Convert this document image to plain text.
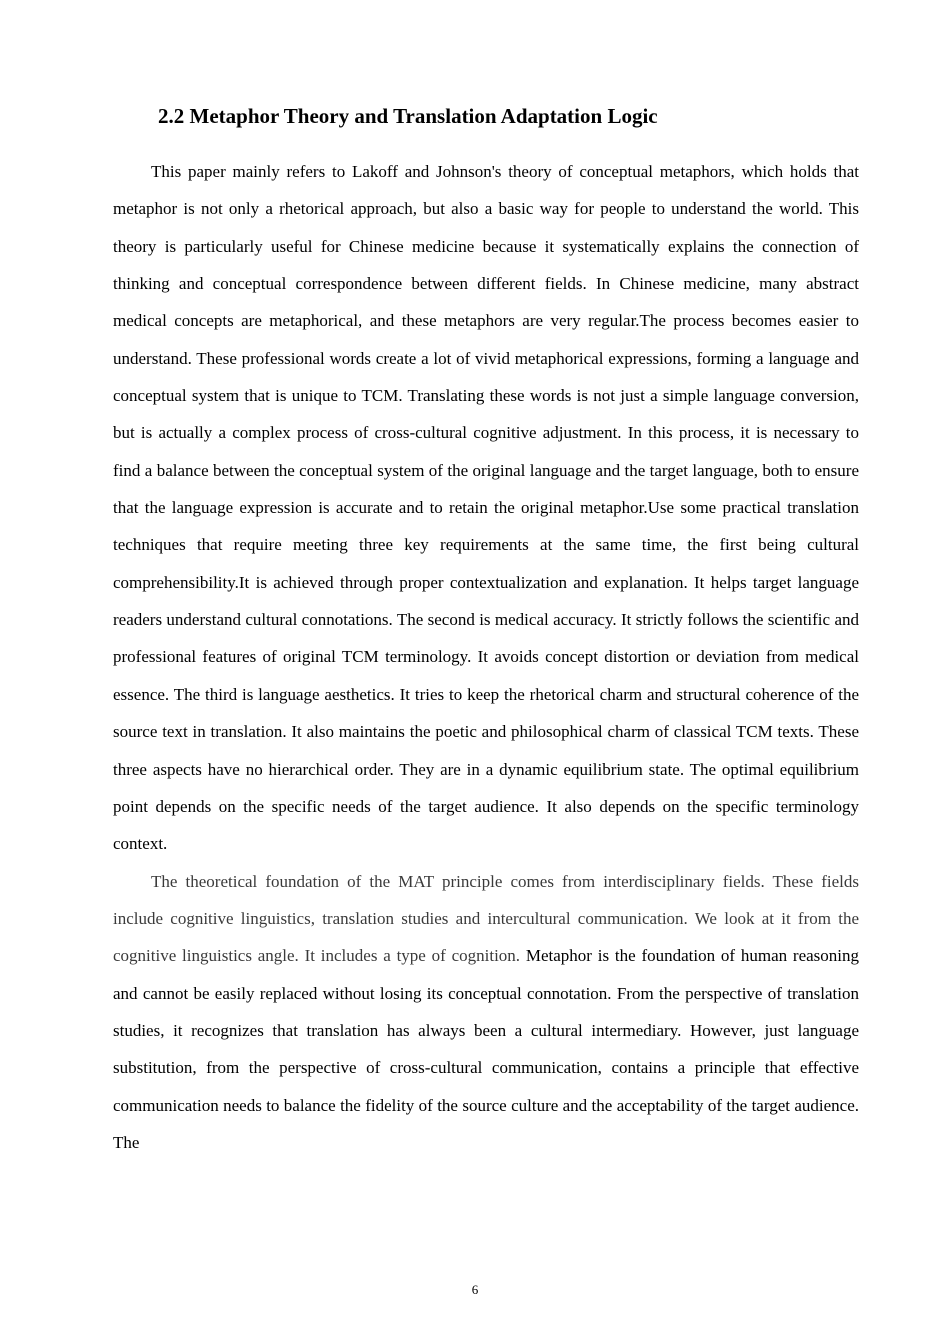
2.2 Metaphor Theory and Translation Adaptation Logic

This paper mainly refers to Lakoff and Johnson's theory of conceptual metaphors, which holds that metaphor is not only a rhetorical approach, but also a basic way for people to understand the world. This theory is particularly useful for Chinese medicine because it systematically explains the connection of thinking and conceptual correspondence between different fields. In Chinese medicine, many abstract medical concepts are metaphorical, and these metaphors are very regular.The process becomes easier to understand. These professional words create a lot of vivid metaphorical expressions, forming a language and conceptual system that is unique to TCM. Translating these words is not just a simple language conversion, but is actually a complex process of cross-cultural cognitive adjustment. In this process, it is necessary to find a balance between the conceptual system of the original language and the target language, both to ensure that the language expression is accurate and to retain the original metaphor.Use some practical translation techniques that require meeting three key requirements at the same time, the first being cultural comprehensibility.It is achieved through proper contextualization and explanation. It helps target language readers understand cultural connotations. The second is medical accuracy. It strictly follows the scientific and professional features of original TCM terminology. It avoids concept distortion or deviation from medical essence. The third is language aesthetics. It tries to keep the rhetorical charm and structural coherence of the source text in translation. It also maintains the poetic and philosophical charm of classical TCM texts. These three aspects have no hierarchical order. They are in a dynamic equilibrium state. The optimal equilibrium point depends on the specific needs of the target audience. It also depends on the specific terminology context.

The theoretical foundation of the MAT principle comes from interdisciplinary fields. These fields include cognitive linguistics, translation studies and intercultural communication. We look at it from the cognitive linguistics angle. It includes a type of cognition. Metaphor is the foundation of human reasoning and cannot be easily replaced without losing its conceptual connotation. From the perspective of translation studies, it recognizes that translation has always been a cultural intermediary. However, just language substitution, from the perspective of cross-cultural communication, contains a principle that effective communication needs to balance the fidelity of the source culture and the acceptability of the target audience. The

6
